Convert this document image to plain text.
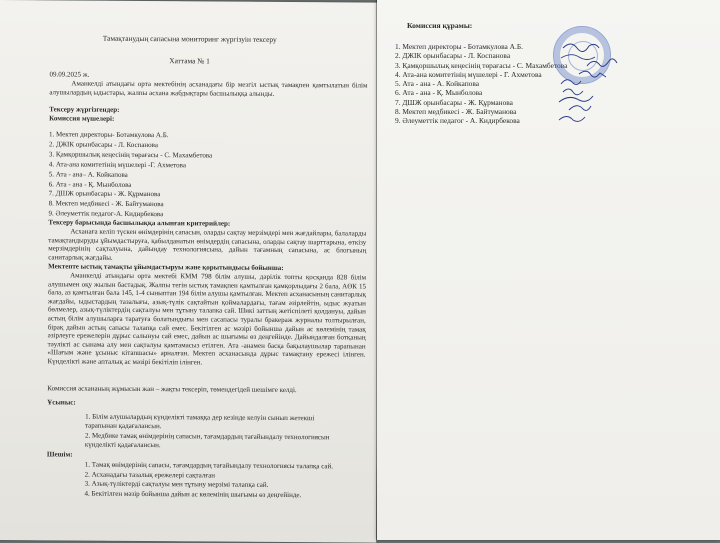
Тамақтанудың сапасына мониторинг жүргізуін тексеру
Хаттама № 1
09.09.2025 ж.
Аманкелді атындағы орта мектебінің асханадағы бір мезгіл ыстық тамақпен қамтылатын білім алушылардың ыдыстары, жалпы асхана жабдықтары басшылыққа алынды.
Тексеру жүргізгендер:
Комиссия мүшелері:
1. Мектеп директоры- Ботамкулова А.Б.
2. ДЖІК орынбасары - Л. Коспанова
3. Қамқоршылық кеңесінің төрағасы - С. Махамбетова
4. Ата-ана комитетінің мүшелері -Г. Ахметова
5. Ата - ана– А. Койкапова
6. Ата - ана - Қ. Мынболова
7. ДШЖ орынбасары - Ж. Құрманова
8. Мектеп медбикесі - Ж. Байтуманова
9. Әлеуметтік педагог-А. Кидирбекова
Тексеру барысында басшылыққа алынған критерийлер:
Асханаға келіп түскен өнімдерінің сапасын, оларды сақтау мерзімдері мен жағдайлары, балаларды тамақтандыруды ұйымдастыруға, қабылданатын өнімдердің сапасына, оларды сақтау шарттарына, өткізу мерзімдерінің сақталуына, дайындау технологиясына, дайын тағамның сапасына, ас блогының санитарлық жағдайы.
Мектепте ыстық тамақты ұйымдастыруы және қорытындысы бойынша:
Аманкелді атындағы орта мектебі КММ 798 білім алушы, дәрілік топты қосқанда 828 білім алушымен оқу жылын бастадық. Жалпы тегін ыстық тамақпен қамтылған қамқорлыдағы 2 бала, АӨК 15 бала, аз қамтылған бала 145, 1-4 сыныптан 194 білім алушы қамтылған. Мектеп асханасының санитарлық жағдайы, ыдыстардың тазалығы, азық-түлік сақтайтын қоймалардағы, тағам әзірлейтін, ыдыс жуатын бөлмелер, азық-түліктердің сақталуы мен тұтыну талапка сай. Шикі заттың жетіспілеті қолдануы, дайын астың білім алушыларға таратуға болатындығы мен сасапасы туралы бракераж журналы толтырылған, бірақ дайын астың сапасы талапқа сай емес. Бекітілген ас мәзірі бойынша дайын ас көлемінің тамақ әзірлеуге ережелерін дұрыс салынуы сай емес, дайын ас шығымы өз деңгейінде. Дайындалған ботқаның тәулікті ас сынама алу мен сақталуы қамтамасыз етілген. Ата -анамен басқа бақылаушылар тарапынан «Шағым және ұсыныс кітапшасы» арналған. Мектеп асханасында дұрыс тамақтану ережесі ілінген. Күнделікті және апталық ас мәзірі бекітіліп ілінген.
Комиссия асхананың жұмысын жан – жақты тексеріп, төмендегідей шешімге келді.
Ұсыныс:
1. Білім алушылардың күнделікті тамаққа дер кезінде келуін сынып жетекші тарапынан қадағалансын.
2. Медбике тамақ өнімдерінің сапасын, тағамдардың тағайындалу технологиясын күнделікті қадағалансын.
Шешім:
1. Тамақ өнімдерінің сапасы, тағамдардың тағайындалу технологиясы талапқа сай.
2. Асханадағы тазалық ережелері сақталған
3. Азық-түліктерді сақталуы мен тұтыну мерзімі талапқа сай.
4. Бекітілген мәзір бойынша дайын ас көлемінің шығымы өз деңгейінде.
Комиссия құрамы:
1. Мектеп директоры - Ботамкулова А.Б.
2. ДЖІК орынбасары - Л. Коспанова
3. Қамқоршылық кеңесінің төрағасы - С. Махамбетова
4. Ата-ана комитетінің мүшелері - Г. Ахметова
5. Ата - ана - А. Койкапова
6. Ата - ана - Қ. Мынболова
7. ДШЖ орынбасары - Ж. Құрманова
8. Мектеп медбикесі - Ж. Байтуманова
9. Әлеуметтік педагог - А. Кидирбекова
